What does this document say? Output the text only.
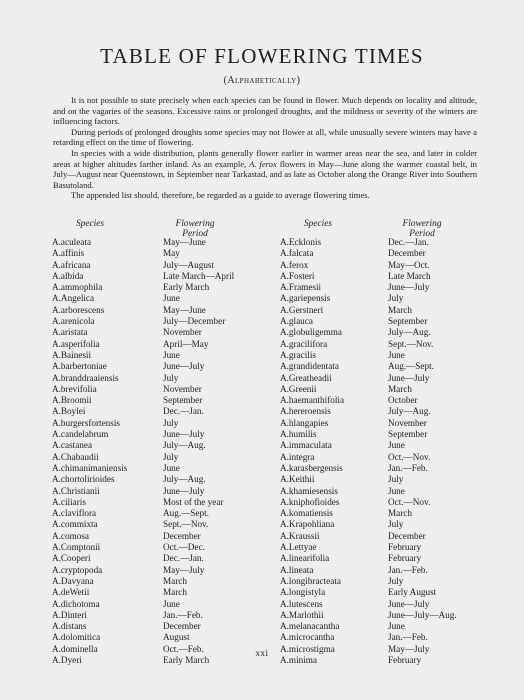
TABLE OF FLOWERING TIMES
(Alphabetically)

It is not possible to state precisely when each species can be found in flower. Much depends on locality and altitude, and on the vagaries of the seasons. Excessive rains or prolonged droughts, and the mildness or severity of the winters are influencing factors.

During periods of prolonged droughts some species may not flower at all, while unusually severe winters may have a retarding effect on the time of flowering.

In species with a wide distribution, plants generally flower earlier in warmer areas near the sea, and later in colder areas at higher altitudes farther inland. As an example, A. ferox flowers in May—June along the warmer coastal belt, in July—August near Queenstown, in September near Tarkastad, and as late as October along the Orange River into Southern Basutoland.

The appended list should, therefore, be regarded as a guide to average flowering times.

Species	Flowering
Period
Species	Flowering
Period
A.aculeata
A.affinis
A.africana
A.albida
A.ammophila
A.Angelica
A.arborescens
A.arenicola
A.aristata
A.asperifolia
A.Bainesii
A.barbertoniae
A.branddraaiensis
A.brevifolia
A.Broomii
A.Boylei
A.burgersfortensis
A.candelabrum
A.castanea
A.Chabaudii
A.chimanimaniensis
A.chortolirioides
A.Christianii
A.ciliaris
A.claviflora
A.commixta
A.comosa
A.Comptonii
A.Cooperi
A.cryptopoda
A.Davyana
A.deWetii
A.dichotoma
A.Dinteri
A.distans
A.dolomitica
A.dominella
A.Dyeri
May—June
May
July—August
Late March—April
Early March
June
May—June
July—December
November
April—May
June
June—July
July
November
September
Dec.—Jan.
July
June—July
July—Aug.
July
June
July—Aug.
June—July
Most of the year
Aug.—Sept.
Sept.—Nov.
December
Oct.—Dec.
Dec.—Jan.
May—July
March
March
June
Jan.—Feb.
December
August
Oct.—Feb.
Early March
A.Ecklonis
A.falcata
A.ferox
A.Fosteri
A.Framesii
A.gariepensis
A.Gerstneri
A.glauca
A.globuligemma
A.gracilifora
A.gracilis
A.grandidentata
A.Greatheadii
A.Greenii
A.haemanthifolia
A.hereroensis
A.hlangapies
A.humilis
A.immaculata
A.integra
A.karasbergensis
A.Keithii
A.khamiesensis
A.kniphofioides
A.komatiensis
A.Krapohliana
A.Kraussii
A.Lettyae
A.linearifolia
A.lineata
A.longibracteata
A.longistyla
A.lutescens
A.Marlothii
A.melanacantha
A.microcantha
A.microstigma
A.minima
Dec.—Jan.
December
May—Oct.
Late March
June—July
July
March
September
July—Aug.
Sept.—Nov.
June
Aug.—Sept.
June—July
March
October
July—Aug.
November
September
June
Oct.—Nov.
Jan.—Feb.
July
June
Oct.—Nov.
March
July
December
February
February
Jan.—Feb.
July
Early August
June—July
June—July—Aug.
June
Jan.—Feb.
May—July
February
xxi
